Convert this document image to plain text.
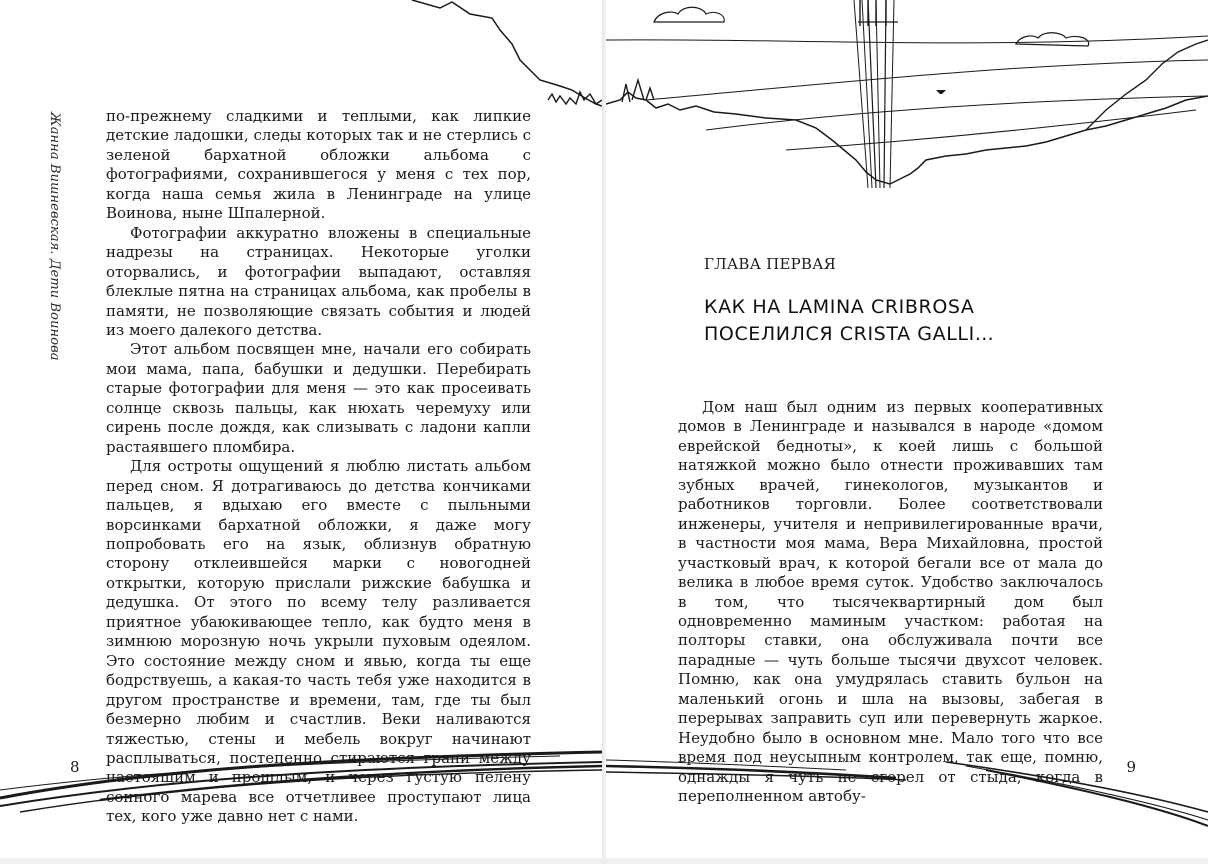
Жанна Вишневская. Дети Воинова	по-прежнему сладкими и теплыми, как липкие детские ладошки, следы которых так и не стерлись с зеленой бархатной обложки альбома с фотографиями, сохранившегося у меня с тех пор, когда наша семья жила в Ленинграде на улице Воинова, ныне Шпалерной.

Фотографии аккуратно вложены в специальные надрезы на страницах. Некоторые уголки оторвались, и фотографии выпадают, оставляя блеклые пятна на страницах альбома, как пробелы в памяти, не позволяющие связать события и людей из моего далекого детства.

Этот альбом посвящен мне, начали его собирать мои мама, папа, бабушки и дедушки. Перебирать старые фотографии для меня — это как просеивать солнце сквозь пальцы, как нюхать черемуху или сирень после дождя, как слизывать с ладони капли растаявшего пломбира.

Для остроты ощущений я люблю листать альбом перед сном. Я дотрагиваюсь до детства кончиками пальцев, я вдыхаю его вместе с пыльными ворсинками бархатной обложки, я даже могу попробовать его на язык, облизнув обратную сторону отклеившейся марки с новогодней открытки, которую прислали рижские бабушка и дедушка. От этого по всему телу разливается приятное убаюкивающее тепло, как будто меня в зимнюю морозную ночь укрыли пуховым одеялом. Это состояние между сном и явью, когда ты еще бодрствуешь, а какая-то часть тебя уже находится в другом пространстве и времени, там, где ты был безмерно любим и счастлив. Веки наливаются тяжестью, стены и мебель вокруг начинают расплываться, постепенно стираются грани между настоящим и прошлым, и через густую пелену сонного марева все отчетливее проступают лица тех, кого уже давно нет с нами.

8
ГЛАВА ПЕРВАЯ
КАК НА LAMINA CRIBROSA
ПОСЕЛИЛСЯ CRISTA GALLI…

Дом наш был одним из первых кооперативных домов в Ленинграде и назывался в народе «домом еврейской бедноты», к коей лишь с большой натяжкой можно было отнести проживавших там зубных врачей, гинекологов, музыкантов и работников торговли. Более соответствовали инженеры, учителя и непривилегированные врачи, в частности моя мама, Вера Михайловна, простой участковый врач, к которой бегали все от мала до велика в любое время суток. Удобство заключалось в том, что тысячеквартирный дом был одновременно маминым участком: работая на полторы ставки, она обслуживала почти все парадные — чуть больше тысячи двухсот человек. Помню, как она умудрялась ставить бульон на маленький огонь и шла на вызовы, забегая в перерывах заправить суп или перевернуть жаркое. Неудобно было в основном мне. Мало того что все время под неусыпным контролем, так еще, помню, однажды я чуть не сгорел от стыда, когда в переполненном автобу-

9
